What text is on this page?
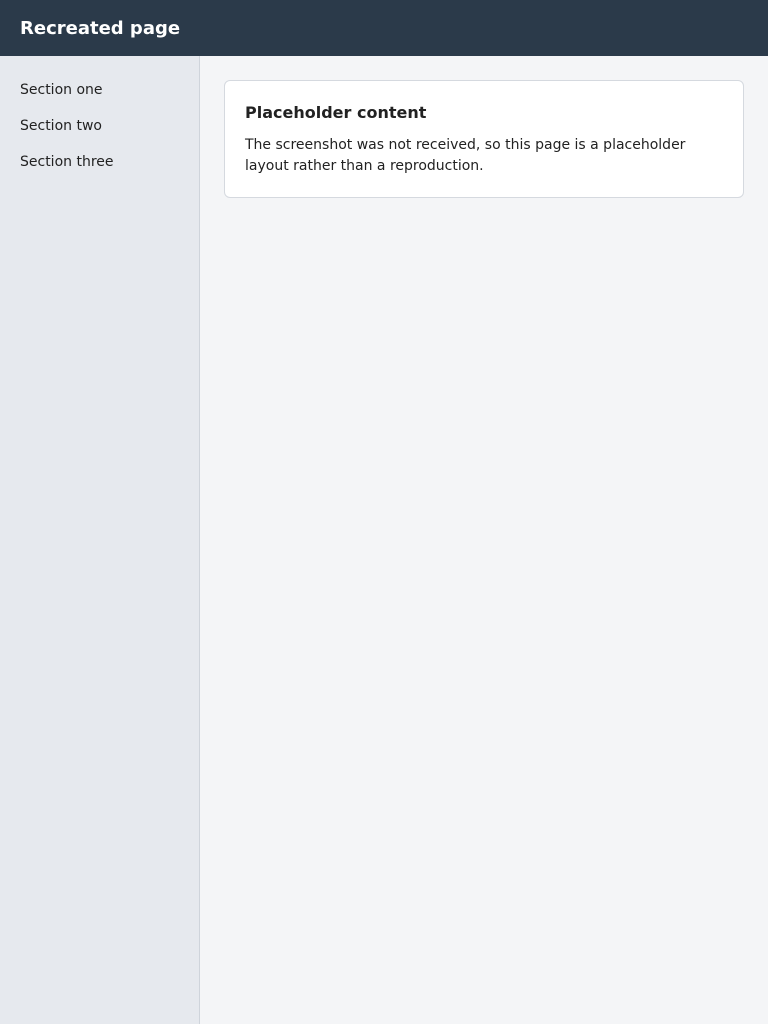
Recreated page
Section one
Section two
Section three
Placeholder content
The screenshot was not received, so this page is a placeholder layout rather than a reproduction.
